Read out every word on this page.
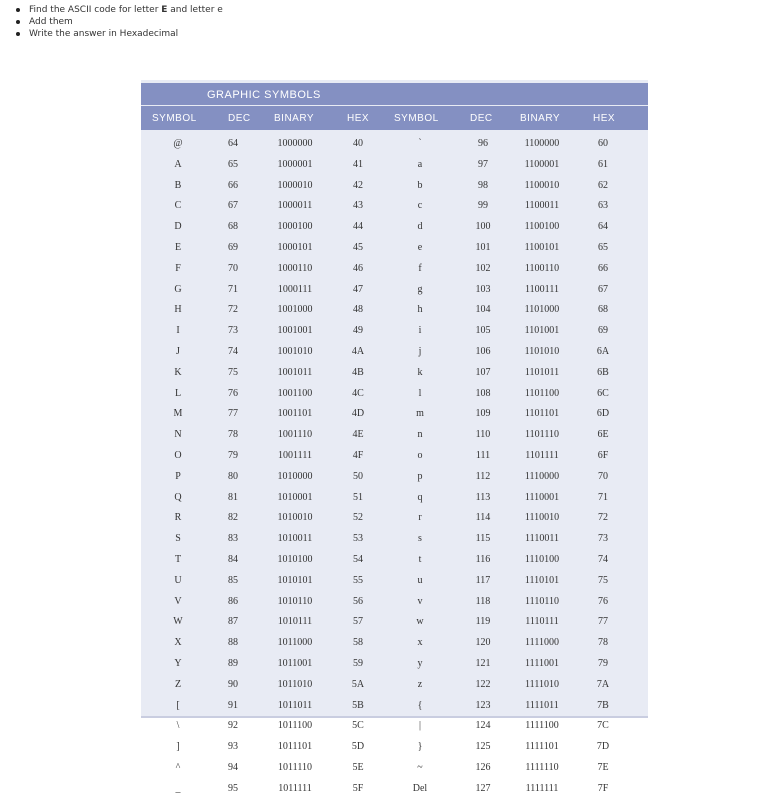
Find the ASCII code for letter E and letter e
Add them
Write the answer in Hexadecimal
GRAPHIC SYMBOLS
SYMBOL	DEC BINARY	HEX SYMBOL	DEC	BINARY	HEX
@	64	1000000	40	`	96	1100000	60
A	65	1000001	41	a	97	1100001	61
B	66	1000010	42	b	98	1100010	62
C	67	1000011	43	c	99	1100011	63
D	68	1000100	44	d	100	1100100	64
E	69	1000101	45	e	101	1100101	65
F	70	1000110	46	f	102	1100110	66
G	71	1000111	47	g	103	1100111	67
H	72	1001000	48	h	104	1101000	68
I	73	1001001	49	i	105	1101001	69
J	74	1001010	4A	j	106	1101010	6A
K	75	1001011	4B	k	107	1101011	6B
L	76	1001100	4C	l	108	1101100	6C
M	77	1001101	4D	m	109	1101101	6D
N	78	1001110	4E	n	110	1101110	6E
O	79	1001111	4F	o	111	1101111	6F
P	80	1010000	50	p	112	1110000	70
Q	81	1010001	51	q	113	1110001	71
R	82	1010010	52	r	114	1110010	72
S	83	1010011	53	s	115	1110011	73
T	84	1010100	54	t	116	1110100	74
U	85	1010101	55	u	117	1110101	75
V	86	1010110	56	v	118	1110110	76
W	87	1010111	57	w	119	1110111	77
X	88	1011000	58	x	120	1111000	78
Y	89	1011001	59	y	121	1111001	79
Z	90	1011010	5A	z	122	1111010	7A
[	91	1011011	5B	{	123	1111011	7B
\	92	1011100	5C	|	124	1111100	7C
]	93	1011101	5D	}	125	1111101	7D
^	94	1011110	5E	~	126	1111110	7E
_	95	1011111	5F	Del	127	1111111	7F
